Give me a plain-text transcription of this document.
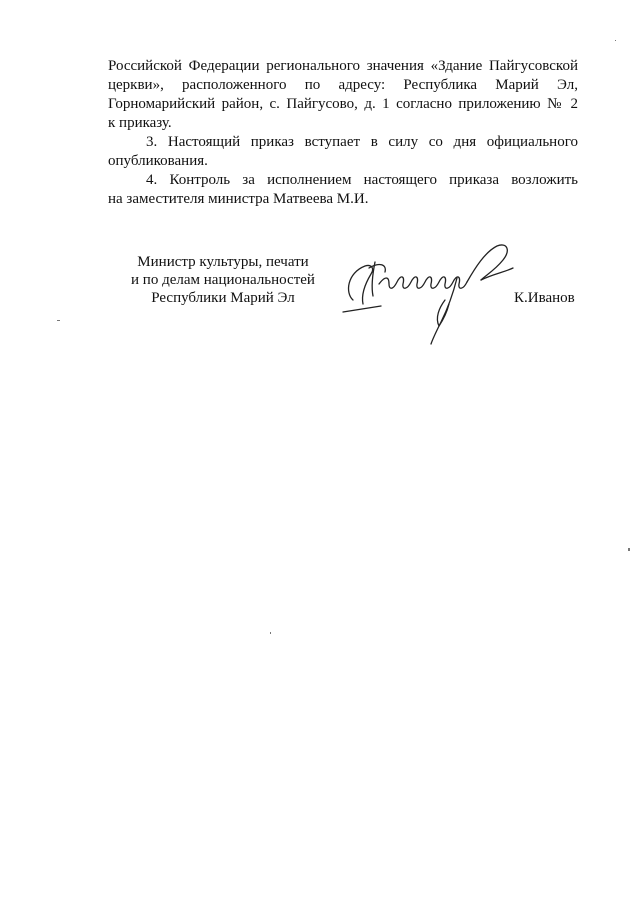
Российской Федерации регионального значения «Здание Пайгусовской
церкви», расположенного по адресу: Республика Марий Эл,
Горномарийский район, с. Пайгусово, д. 1 согласно приложению № 2
к приказу.

3. Настоящий приказ вступает в силу со дня официального
опубликования.

4. Контроль за исполнением настоящего приказа возложить
на заместителя министра Матвеева М.И.

Министр культуры, печати
и по делам национальностей
Республики Марий Эл	К.Иванов
